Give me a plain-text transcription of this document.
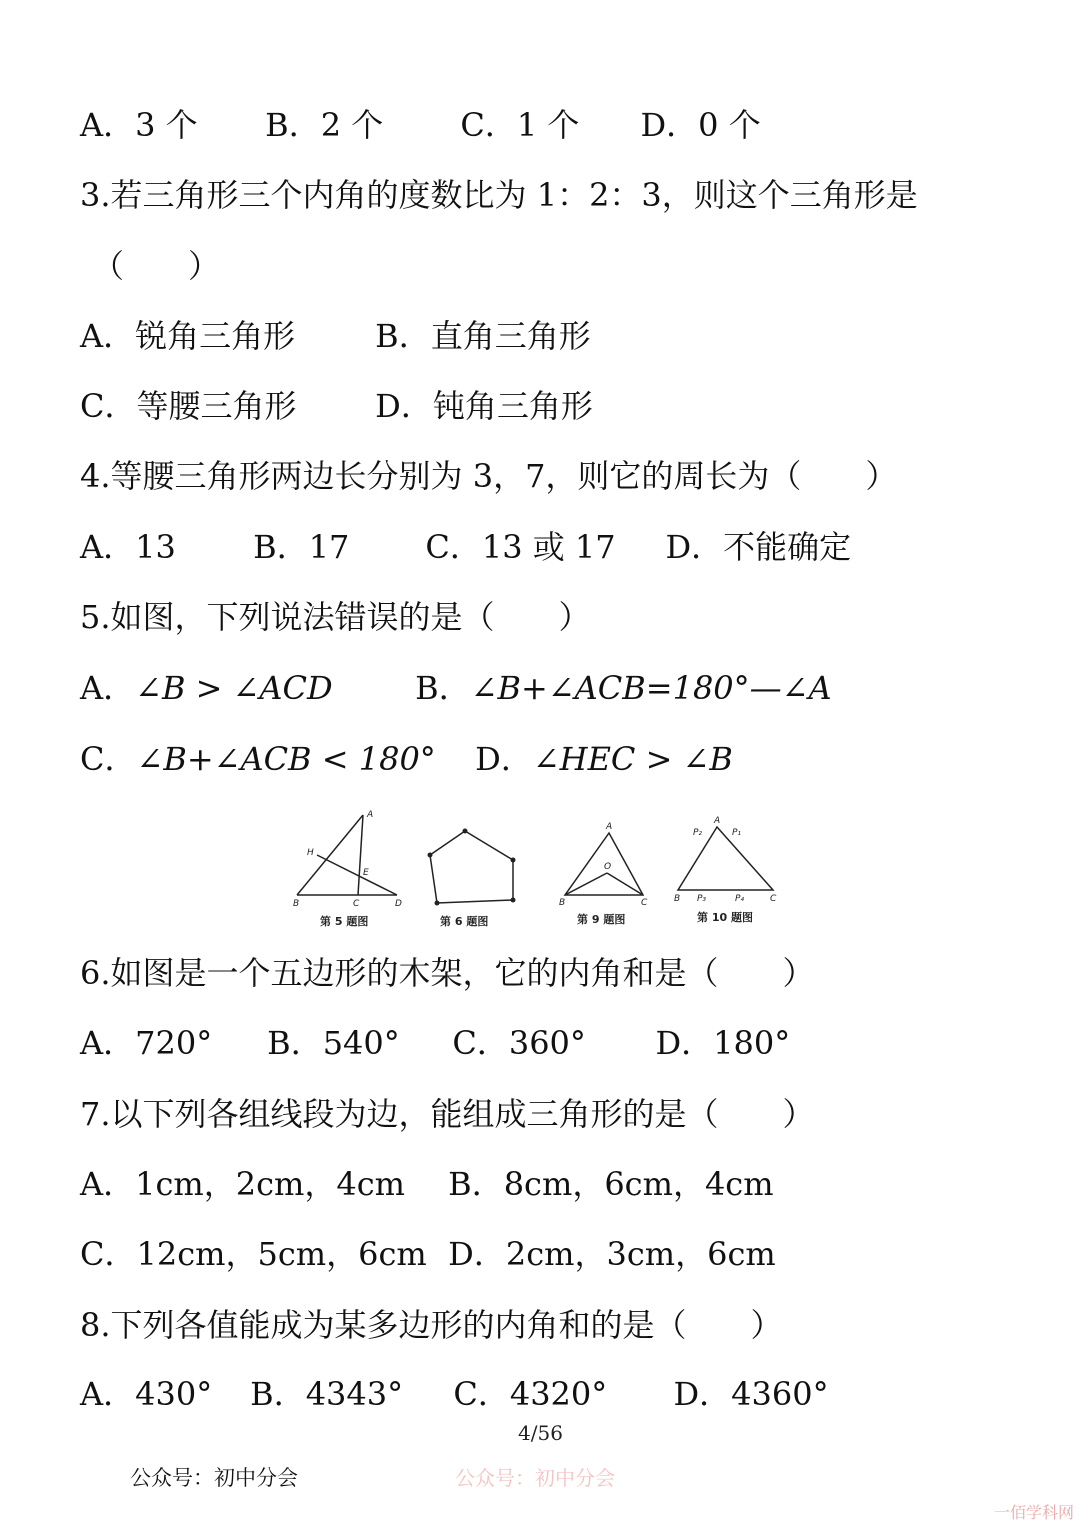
A．3 个 B．2 个 C．1 个 D．0 个
3.若三角形三个内角的度数比为 1：2：3，则这个三角形是
（　　）
A．锐角三角形	B．直角三角形
C．等腰三角形 D．钝角三角形
4.等腰三角形两边长分别为 3，7，则它的周长为（　　）
A．13 B．17 C．13 或 17 D．不能确定
5.如图，下列说法错误的是（　　）
A．∠B > ∠ACD	B．∠B+∠ACB=180°—∠A
C．∠B+∠ACB < 180° D．∠HEC > ∠B
A
H
E
B	C	D
第 5 题图	第 6 题图
A
O
B	C
第 9 题图
A
P₂	P₁
B P₃	P₄	C
第 10 题图
6.如图是一个五边形的木架，它的内角和是（　　）
A．720° B．540° C．360° D．180°
7.以下列各组线段为边，能组成三角形的是（　　）
A．1cm，2cm，4cm B．8cm，6cm，4cm
C．12cm，5cm，6cm D．2cm，3cm，6cm
8.下列各值能成为某多边形的内角和的是（　　）
A．430° B．4343° C．4320° D．4360°
4/56
公众号：初中分会	公众号：初中分会
一佰学科网
